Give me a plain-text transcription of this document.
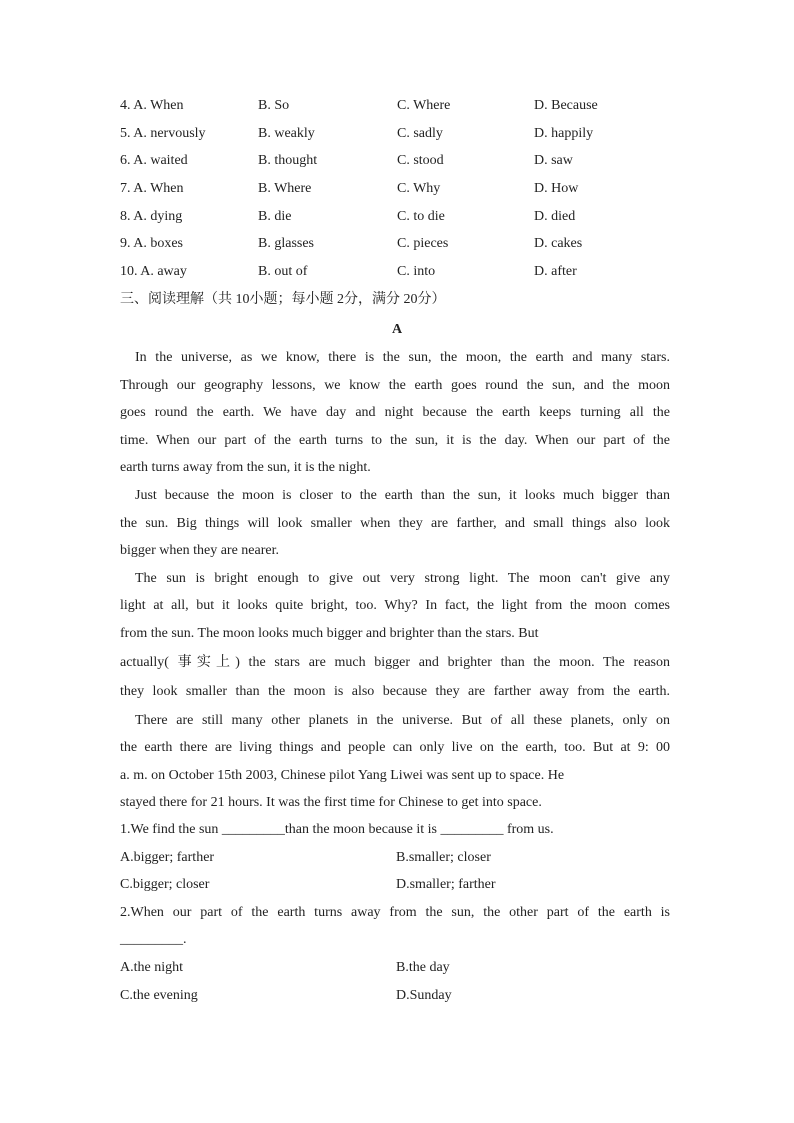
4. A. When	B. So	C. Where	D. Because
5. A. nervously	B. weakly	C. sadly	D. happily
6. A. waited	B. thought	C. stood	D. saw
7. A. When	B. Where	C. Why	D. How
8. A. dying	B. die	C. to die	D. died
9. A. boxes	B. glasses	C. pieces	D. cakes
10. A. away	B. out of	C. into	D. after
三、阅读理解（共 10小题；每小题 2分，满分 20分）
A
In the universe, as we know, there is the sun, the moon, the earth and many stars.
Through our geography lessons, we know the earth goes round the sun, and the moon
goes round the earth. We have day and night because the earth keeps turning all the
time. When our part of the earth turns to the sun, it is the day. When our part of the
earth turns away from the sun, it is the night.
Just because the moon is closer to the earth than the sun, it looks much bigger than
the sun. Big things will look smaller when they are farther, and small things also look
bigger when they are nearer.
The sun is bright enough to give out very strong light. The moon can't give any
light at all, but it looks quite bright, too. Why? In fact, the light from the moon comes
from the sun. The moon looks much bigger and brighter than the stars. But
actually( 事实上) the stars are much bigger and brighter than the moon. The reason
they look smaller than the moon is also because they are farther away from the earth.
There are still many other planets in the universe. But of all these planets, only on
the earth there are living things and people can only live on the earth, too. But at 9: 00
a. m. on October 15th 2003, Chinese pilot Yang Liwei was sent up to space. He
stayed there for 21 hours. It was the first time for Chinese to get into space.
1.We find the sun _________than the moon because it is _________ from us.
A.bigger; farther	B.smaller; closer
C.bigger; closer	D.smaller; farther
2.When our part of the earth turns away from the sun, the other part of the earth is
_________.
A.the night	B.the day
C.the evening	D.Sunday
